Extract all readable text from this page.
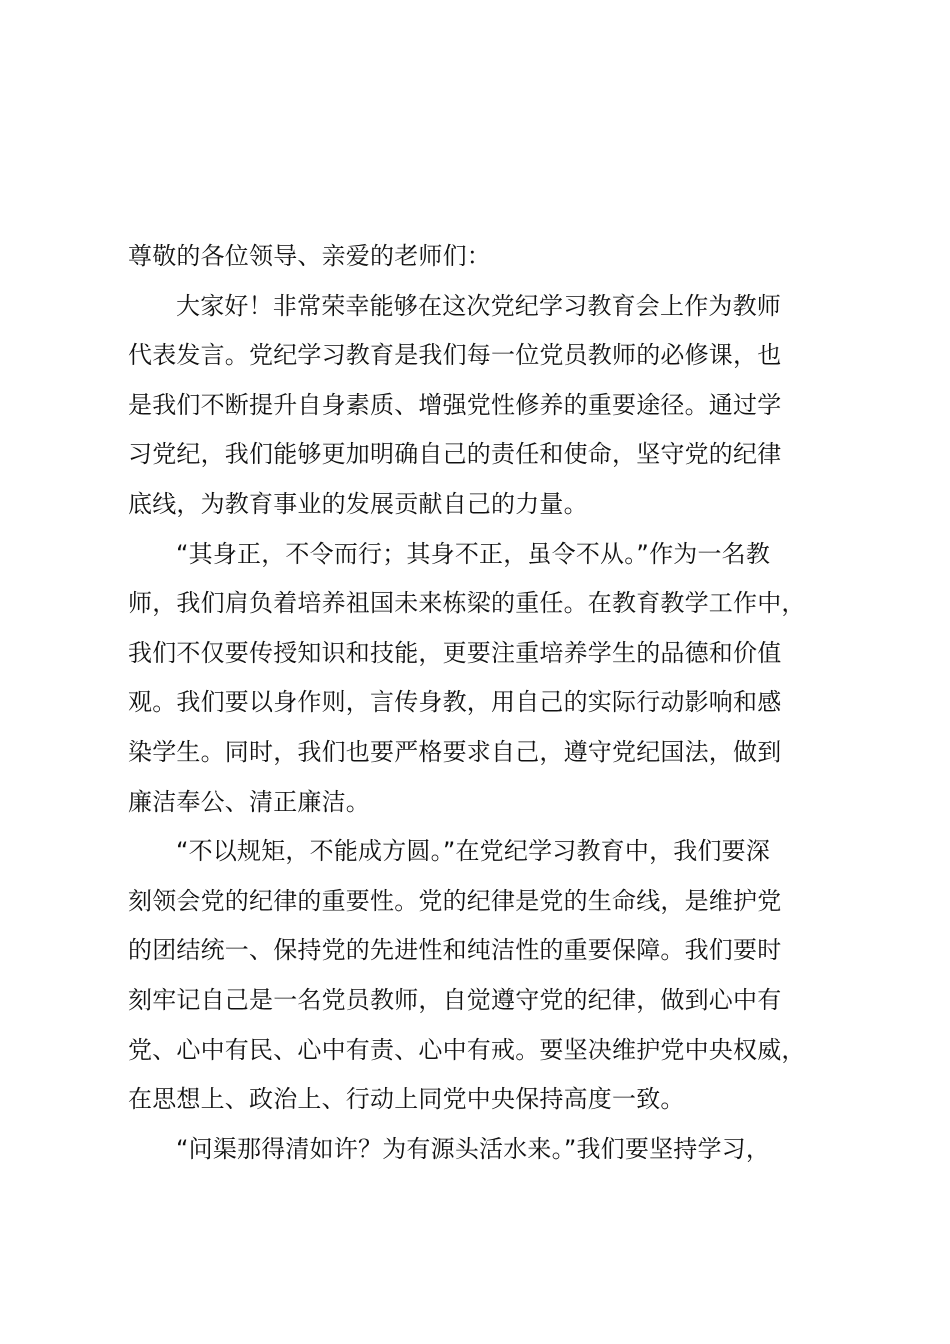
尊敬的各位领导、亲爱的老师们：
大家好！非常荣幸能够在这次党纪学习教育会上作为教师
代表发言。党纪学习教育是我们每一位党员教师的必修课，也
是我们不断提升自身素质、增强党性修养的重要途径。通过学
习党纪，我们能够更加明确自己的责任和使命，坚守党的纪律
底线，为教育事业的发展贡献自己的力量。
“其身正，不令而行；其身不正，虽令不从。”作为一名教
师，我们肩负着培养祖国未来栋梁的重任。在教育教学工作中，
我们不仅要传授知识和技能，更要注重培养学生的品德和价值
观。我们要以身作则，言传身教，用自己的实际行动影响和感
染学生。同时，我们也要严格要求自己，遵守党纪国法，做到
廉洁奉公、清正廉洁。
“不以规矩，不能成方圆。”在党纪学习教育中，我们要深
刻领会党的纪律的重要性。党的纪律是党的生命线，是维护党
的团结统一、保持党的先进性和纯洁性的重要保障。我们要时
刻牢记自己是一名党员教师，自觉遵守党的纪律，做到心中有
党、心中有民、心中有责、心中有戒。要坚决维护党中央权威，
在思想上、政治上、行动上同党中央保持高度一致。
“问渠那得清如许？为有源头活水来。”我们要坚持学习，
